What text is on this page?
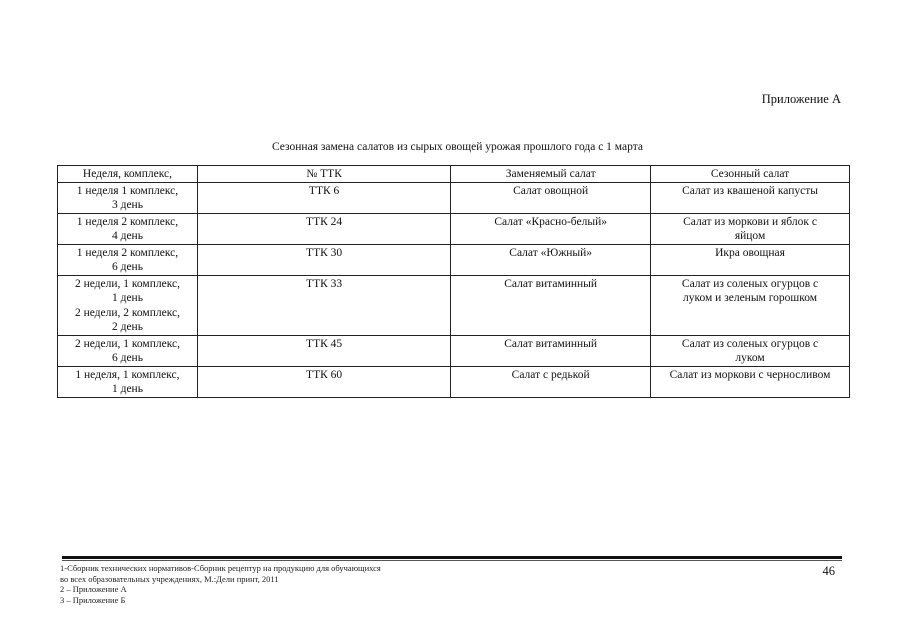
Приложение А
Сезонная замена салатов из сырых овощей урожая прошлого года с 1 марта
Неделя, комплекс,	№ ТТК	Заменяемый салат	Сезонный салат

1 неделя 1 комплекс,
3 день	ТТК 6	Салат овощной	Салат из квашеной капусты

1 неделя 2 комплекс,
4 день	ТТК 24	Салат «Красно-белый»	Салат из моркови и яблок с
яйцом

1 неделя 2 комплекс,
6 день	ТТК 30	Салат «Южный»	Икра овощная

2 недели, 1 комплекс,
1 день
2 недели, 2 комплекс,
2 день	ТТК 33	Салат витаминный	Салат из соленых огурцов с
луком и зеленым горошком

2 недели, 1 комплекс,
6 день	ТТК 45	Салат витаминный	Салат из соленых огурцов с
луком

1 неделя, 1 комплекс,
1 день	ТТК 60	Салат с редькой	Салат из моркови с черносливом
1-Сборник технических нормативов-Сборник рецептур на продукцию для обучающихся
во всех образовательных учреждениях, М.:Дели принт, 2011
2 – Приложение А
3 – Приложение Б
46
